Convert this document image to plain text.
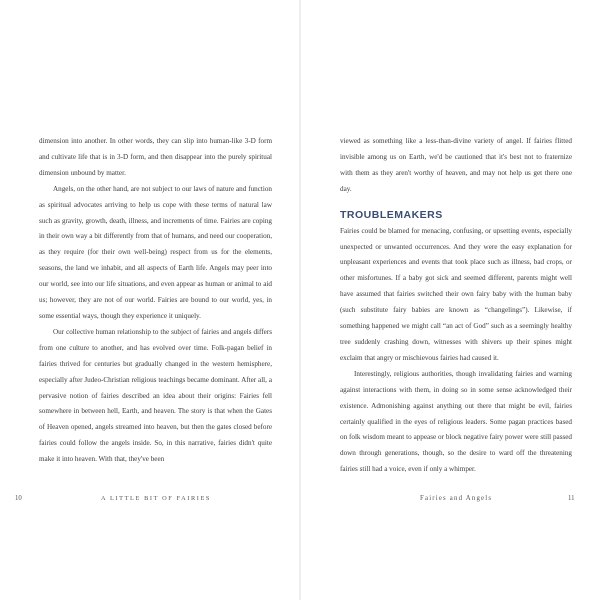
dimension into another. In other words, they can slip into human-like 3-D form and cultivate life that is in 3-D form, and then disappear into the purely spiritual dimension unbound by matter.

Angels, on the other hand, are not subject to our laws of nature and function as spiritual advocates arriving to help us cope with these terms of natural law such as gravity, growth, death, illness, and increments of time. Fairies are coping in their own way a bit differently from that of humans, and need our cooperation, as they require (for their own well-being) respect from us for the elements, seasons, the land we inhabit, and all aspects of Earth life. Angels may peer into our world, see into our life situations, and even appear as human or animal to aid us; however, they are not of our world. Fairies are bound to our world, yes, in some essential ways, though they experience it uniquely.

Our collective human relationship to the subject of fairies and angels differs from one culture to another, and has evolved over time. Folk-pagan belief in fairies thrived for centuries but gradually changed in the western hemisphere, especially after Judeo-Christian religious teachings became dominant. After all, a pervasive notion of fairies described an idea about their origins: Fairies fell somewhere in between hell, Earth, and heaven. The story is that when the Gates of Heaven opened, angels streamed into heaven, but then the gates closed before fairies could follow the angels inside. So, in this narrative, fairies didn't quite make it into heaven. With that, they've been

10	A LITTLE BIT OF FAIRIES

viewed as something like a less-than-divine variety of angel. If fairies flitted invisible among us on Earth, we'd be cautioned that it's best not to fraternize with them as they aren't worthy of heaven, and may not help us get there one day.

TROUBLEMAKERS

Fairies could be blamed for menacing, confusing, or upsetting events, especially unexpected or unwanted occurrences. And they were the easy explanation for unpleasant experiences and events that took place such as illness, bad crops, or other misfortunes. If a baby got sick and seemed different, parents might well have assumed that fairies switched their own fairy baby with the human baby (such substitute fairy babies are known as “changelings”). Likewise, if something happened we might call “an act of God” such as a seemingly healthy tree suddenly crashing down, witnesses with shivers up their spines might exclaim that angry or mischievous fairies had caused it.

Interestingly, religious authorities, though invalidating fairies and warning against interactions with them, in doing so in some sense acknowledged their existence. Admonishing against anything out there that might be evil, fairies certainly qualified in the eyes of religious leaders. Some pagan practices based on folk wisdom meant to appease or block negative fairy power were still passed down through generations, though, so the desire to ward off the threatening fairies still had a voice, even if only a whimper.

Fairies and Angels	11
